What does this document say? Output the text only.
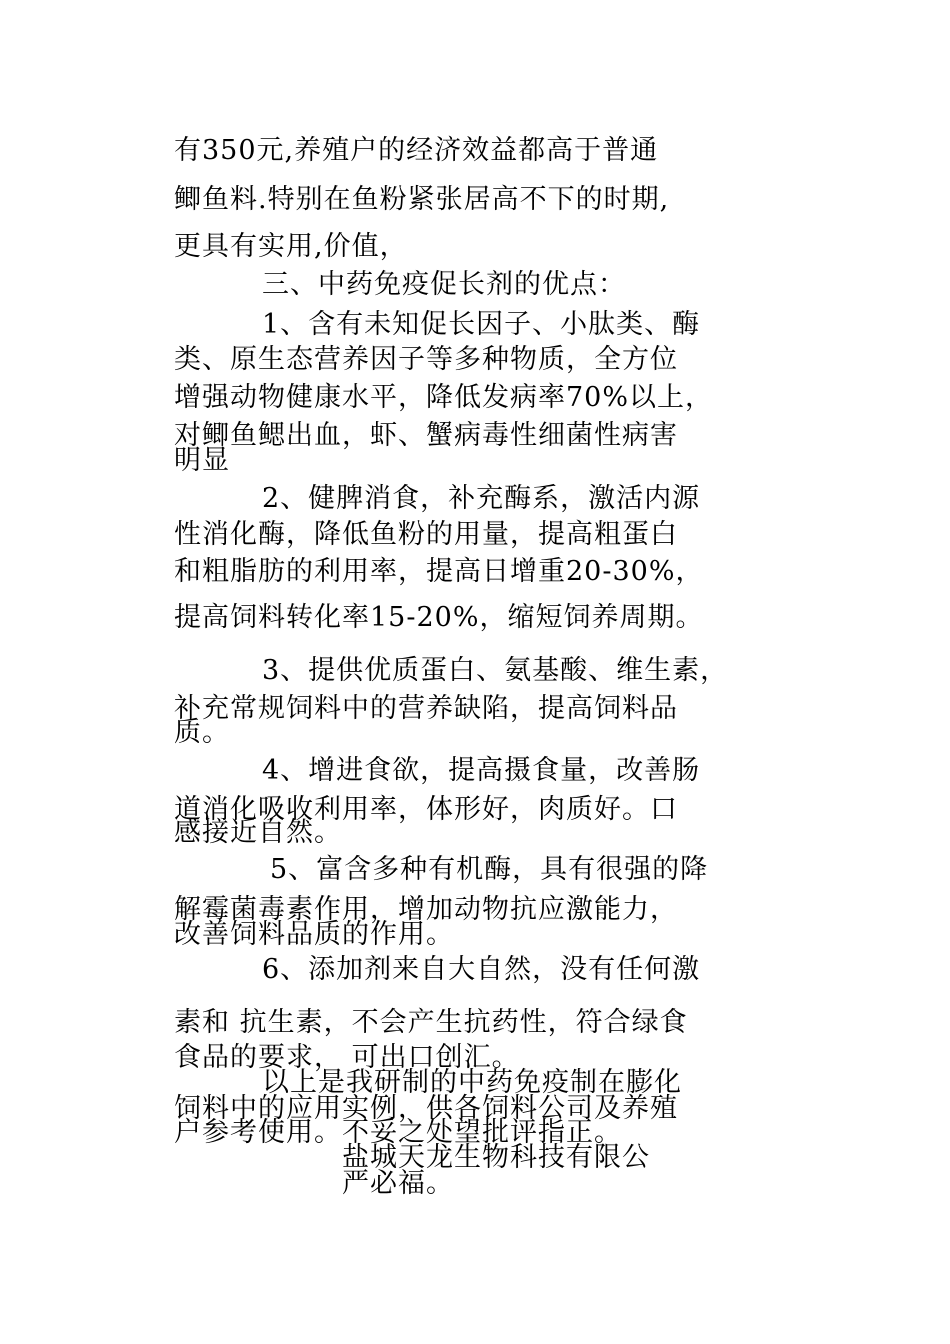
有350元,养殖户的经济效益都高于普通
鲫鱼料.特别在鱼粉紧张居高不下的时期,
更具有实用,价值，
三、中药免疫促长剂的优点：
1、含有未知促长因子、小肽类、酶
类、原生态营养因子等多种物质，全方位
增强动物健康水平，降低发病率70%以上，
对鲫鱼鳃出血，虾、蟹病毒性细菌性病害
明显
2、健脾消食，补充酶系，激活内源
性消化酶，降低鱼粉的用量，提高粗蛋白
和粗脂肪的利用率，提高日增重20-30%，
提高饲料转化率15-20%，缩短饲养周期。
3、提供优质蛋白、氨基酸、维生素，
补充常规饲料中的营养缺陷，提高饲料品
质。
4、增进食欲，提高摄食量，改善肠
道消化吸收利用率，体形好，肉质好。口
感接近自然。
5、富含多种有机酶，具有很强的降
解霉菌毒素作用，增加动物抗应激能力，
改善饲料品质的作用。
6、添加剂来自大自然，没有任何激
素和 抗生素，不会产生抗药性，符合绿食
食品的要求， 可出口创汇。
以上是我研制的中药免疫制在膨化
饲料中的应用实例，供各饲料公司及养殖
户参考使用。不妥之处望批评指正。
盐城天龙生物科技有限公
严必福。
